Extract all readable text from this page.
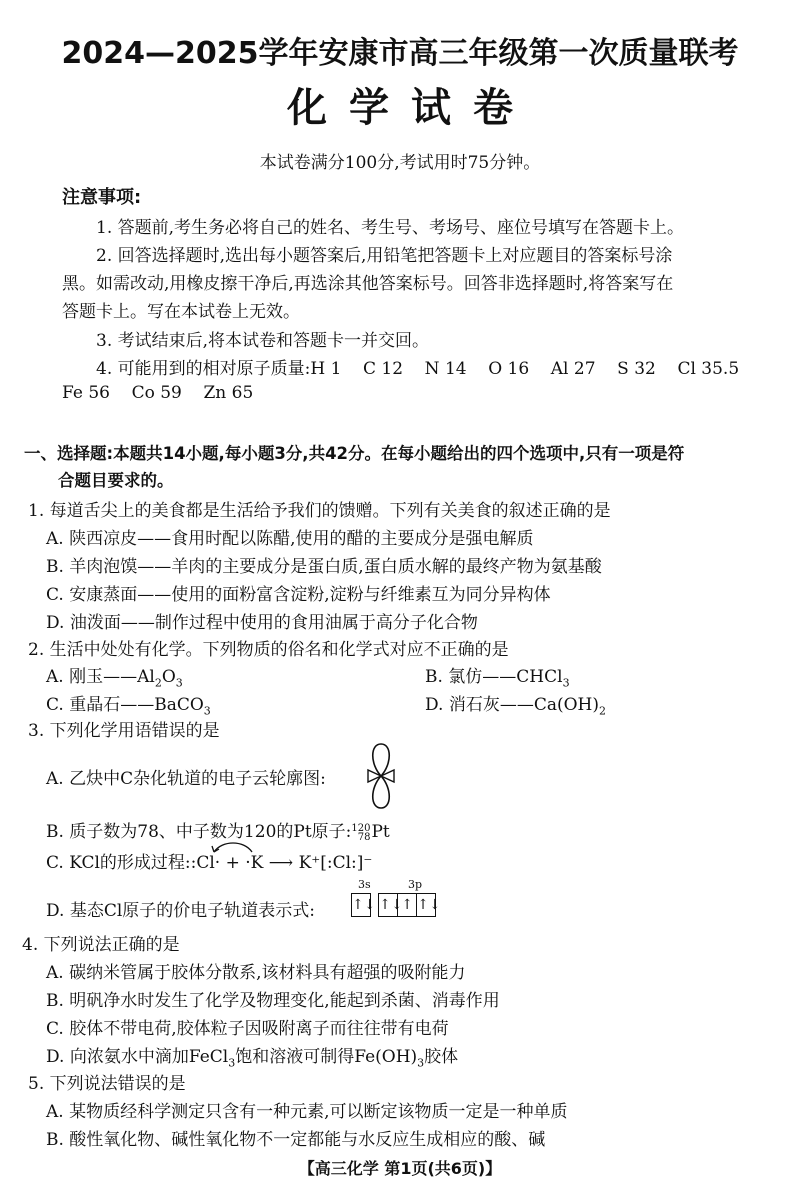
2024—2025学年安康市高三年级第一次质量联考
化学试卷
本试卷满分100分,考试用时75分钟。
注意事项:
1. 答题前,考生务必将自己的姓名、考生号、考场号、座位号填写在答题卡上。
2. 回答选择题时,选出每小题答案后,用铅笔把答题卡上对应题目的答案标号涂
黑。如需改动,用橡皮擦干净后,再选涂其他答案标号。回答非选择题时,将答案写在
答题卡上。写在本试卷上无效。
3. 考试结束后,将本试卷和答题卡一并交回。
4. 可能用到的相对原子质量:H 1    C 12    N 14    O 16    Al 27    S 32    Cl 35.5
Fe 56    Co 59    Zn 65
一、选择题:本题共14小题,每小题3分,共42分。在每小题给出的四个选项中,只有一项是符
合题目要求的。
1. 每道舌尖上的美食都是生活给予我们的馈赠。下列有关美食的叙述正确的是
A. 陕西凉皮——食用时配以陈醋,使用的醋的主要成分是强电解质
B. 羊肉泡馍——羊肉的主要成分是蛋白质,蛋白质水解的最终产物为氨基酸
C. 安康蒸面——使用的面粉富含淀粉,淀粉与纤维素互为同分异构体
D. 油泼面——制作过程中使用的食用油属于高分子化合物
2. 生活中处处有化学。下列物质的俗名和化学式对应不正确的是
A. 刚玉$——Al_2O_3$	B. 氯仿——CHCl$_3$
C. 重晶石——BaCO$_3$	D. 消石灰$——Ca(OH)_2$
3. 下列化学用语错误的是
A. 乙炔中C杂化轨道的电子云轮廓图:
B. 质子数为78、中子数为120的Pt原子: 120
78 Pt
C. KCl的形成过程::Cl· + ·K ⟶ K⁺[:Cl:]⁻
D. 基态Cl原子的价电子轨道表示式:
3s	3p
↑↓ ↑↓↑ ↑↓
4. 下列说法正确的是
A. 碳纳米管属于胶体分散系,该材料具有超强的吸附能力
B. 明矾净水时发生了化学及物理变化,能起到杀菌、消毒作用
C. 胶体不带电荷,胶体粒子因吸附离子而往往带有电荷
D. 向浓氨水中滴加FeCl$_3$饱和溶液可制得$Fe(OH)_3$胶体
5. 下列说法错误的是
A. 某物质经科学测定只含有一种元素,可以断定该物质一定是一种单质
B. 酸性氧化物、碱性氧化物不一定都能与水反应生成相应的酸、碱
【高三化学 第1页(共6页)】
